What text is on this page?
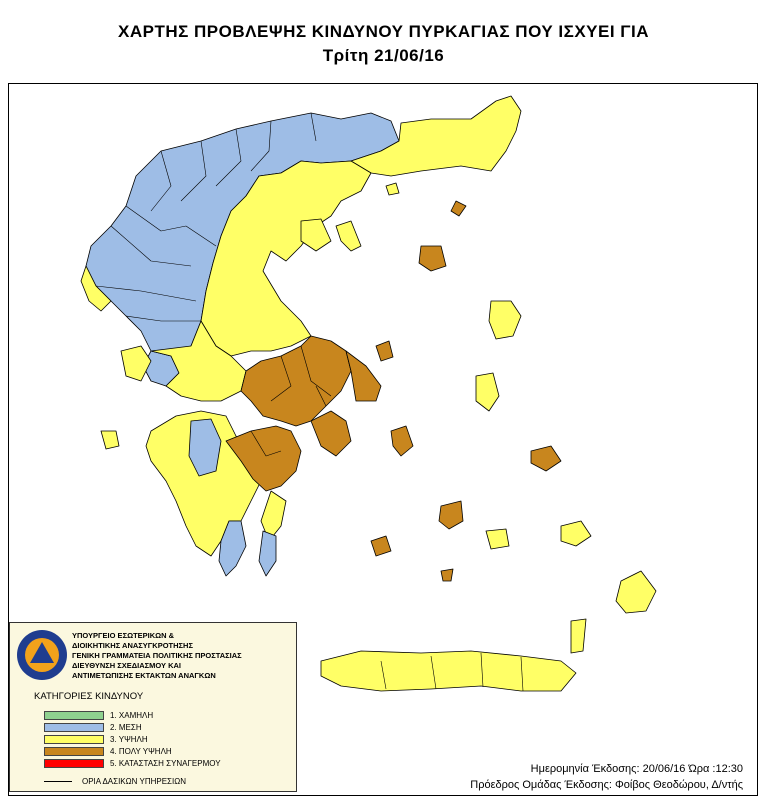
ΧΑΡΤΗΣ ΠΡΟΒΛΕΨΗΣ ΚΙΝΔΥΝΟΥ ΠΥΡΚΑΓΙΑΣ ΠΟΥ ΙΣΧΥΕΙ ΓΙΑ
Τρίτη 21/06/16
ΥΠΟΥΡΓΕΙΟ ΕΣΩΤΕΡΙΚΩΝ &
ΔΙΟΙΚΗΤΙΚΗΣ ΑΝΑΣΥΓΚΡΟΤΗΣΗΣ
ΓΕΝΙΚΗ ΓΡΑΜΜΑΤΕΙΑ ΠΟΛΙΤΙΚΗΣ ΠΡΟΣΤΑΣΙΑΣ
ΔΙΕΥΘΥΝΣΗ ΣΧΕΔΙΑΣΜΟΥ ΚΑΙ
ΑΝΤΙΜΕΤΩΠΙΣΗΣ ΕΚΤΑΚΤΩΝ ΑΝΑΓΚΩΝ
ΚΑΤΗΓΟΡΙΕΣ ΚΙΝΔΥΝΟΥ
1. ΧΑΜΗΛΗ
2. ΜΕΣΗ
3. ΥΨΗΛΗ
4. ΠΟΛΥ ΥΨΗΛΗ
5. ΚΑΤΑΣΤΑΣΗ ΣΥΝΑΓΕΡΜΟΥ
ΟΡΙΑ ΔΑΣΙΚΩΝ ΥΠΗΡΕΣΙΩΝ
Ημερομηνία Έκδοσης: 20/06/16 Ώρα :12:30
Πρόεδρος Ομάδας Έκδοσης: Φοίβος Θεοδώρου, Δ/ντής
